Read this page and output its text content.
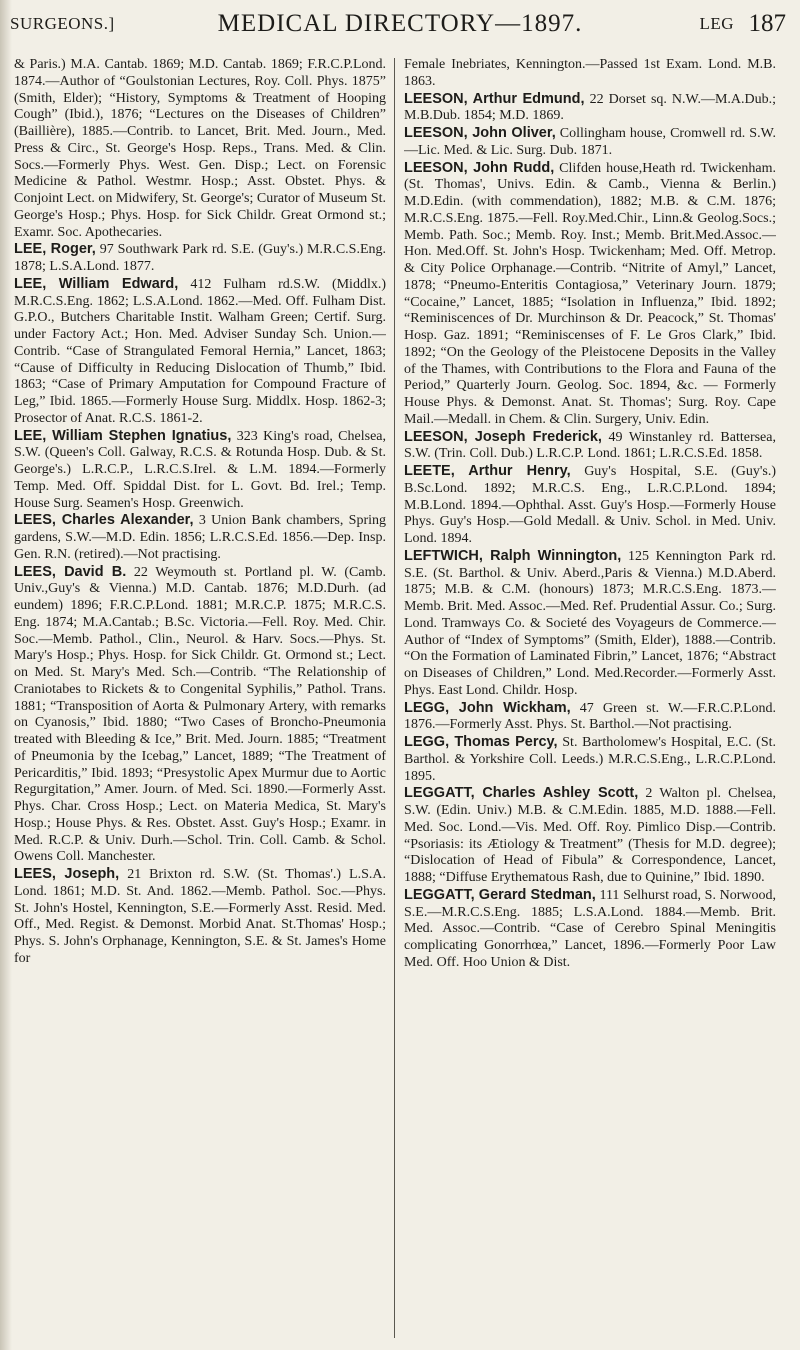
SURGEONS.]	MEDICAL DIRECTORY—1897.	LEG 187

& Paris.) M.A. Cantab. 1869; M.D. Cantab. 1869; F.R.C.P.Lond. 1874.—Author of “Goulstonian Lectures, Roy. Coll. Phys. 1875” (Smith, Elder); “History, Symptoms & Treatment of Hooping Cough” (Ibid.), 1876; “Lectures on the Diseases of Children” (Baillière), 1885.—Contrib. to Lancet, Brit. Med. Journ., Med. Press & Circ., St. George's Hosp. Reps., Trans. Med. & Clin. Socs.—Formerly Phys. West. Gen. Disp.; Lect. on Forensic Medicine & Pathol. Westmr. Hosp.; Asst. Obstet. Phys. & Conjoint Lect. on Midwifery, St. George's; Curator of Museum St. George's Hosp.; Phys. Hosp. for Sick Childr. Great Ormond st.; Examr. Soc. Apothecaries.

LEE, Roger, 97 Southwark Park rd. S.E. (Guy's.) M.R.C.S.Eng. 1878; L.S.A.Lond. 1877.

LEE, William Edward, 412 Fulham rd.S.W. (Middlx.) M.R.C.S.Eng. 1862; L.S.A.Lond. 1862.—Med. Off. Fulham Dist. G.P.O., Butchers Charitable Instit. Walham Green; Certif. Surg. under Factory Act.; Hon. Med. Adviser Sunday Sch. Union.—Contrib. “Case of Strangulated Femoral Hernia,” Lancet, 1863; “Cause of Difficulty in Reducing Dislocation of Thumb,” Ibid. 1863; “Case of Primary Amputation for Compound Fracture of Leg,” Ibid. 1865.—Formerly House Surg. Middlx. Hosp. 1862-3; Prosector of Anat. R.C.S. 1861-2.

LEE, William Stephen Ignatius, 323 King's road, Chelsea, S.W. (Queen's Coll. Galway, R.C.S. & Rotunda Hosp. Dub. & St. George's.) L.R.C.P., L.R.C.S.Irel. & L.M. 1894.—Formerly Temp. Med. Off. Spiddal Dist. for L. Govt. Bd. Irel.; Temp. House Surg. Seamen's Hosp. Greenwich.

LEES, Charles Alexander, 3 Union Bank chambers, Spring gardens, S.W.—M.D. Edin. 1856; L.R.C.S.Ed. 1856.—Dep. Insp. Gen. R.N. (retired).—Not practising.

LEES, David B. 22 Weymouth st. Portland pl. W. (Camb. Univ.,Guy's & Vienna.) M.D. Cantab. 1876; M.D.Durh. (ad eundem) 1896; F.R.C.P.Lond. 1881; M.R.C.P. 1875; M.R.C.S. Eng. 1874; M.A.Cantab.; B.Sc. Victoria.—Fell. Roy. Med. Chir. Soc.—Memb. Pathol., Clin., Neurol. & Harv. Socs.—Phys. St. Mary's Hosp.; Phys. Hosp. for Sick Childr. Gt. Ormond st.; Lect. on Med. St. Mary's Med. Sch.—Contrib. “The Relationship of Craniotabes to Rickets & to Congenital Syphilis,” Pathol. Trans. 1881; “Transposition of Aorta & Pulmonary Artery, with remarks on Cyanosis,” Ibid. 1880; “Two Cases of Broncho-Pneumonia treated with Bleeding & Ice,” Brit. Med. Journ. 1885; “Treatment of Pneumonia by the Icebag,” Lancet, 1889; “The Treatment of Pericarditis,” Ibid. 1893; “Presystolic Apex Murmur due to Aortic Regurgitation,” Amer. Journ. of Med. Sci. 1890.—Formerly Asst. Phys. Char. Cross Hosp.; Lect. on Materia Medica, St. Mary's Hosp.; House Phys. & Res. Obstet. Asst. Guy's Hosp.; Examr. in Med. R.C.P. & Univ. Durh.—Schol. Trin. Coll. Camb. & Schol. Owens Coll. Manchester.

LEES, Joseph, 21 Brixton rd. S.W. (St. Thomas'.) L.S.A. Lond. 1861; M.D. St. And. 1862.—Memb. Pathol. Soc.—Phys. St. John's Hostel, Kennington, S.E.—Formerly Asst. Resid. Med. Off., Med. Regist. & Demonst. Morbid Anat. St.Thomas' Hosp.; Phys. S. John's Orphanage, Kennington, S.E. & St. James's Home for

Female Inebriates, Kennington.—Passed 1st Exam. Lond. M.B. 1863.

LEESON, Arthur Edmund, 22 Dorset sq. N.W.—M.A.Dub.; M.B.Dub. 1854; M.D. 1869.

LEESON, John Oliver, Collingham house, Cromwell rd. S.W.—Lic. Med. & Lic. Surg. Dub. 1871.

LEESON, John Rudd, Clifden house,Heath rd. Twickenham. (St. Thomas', Univs. Edin. & Camb., Vienna & Berlin.) M.D.Edin. (with commendation), 1882; M.B. & C.M. 1876; M.R.C.S.Eng. 1875.—Fell. Roy.Med.Chir., Linn.& Geolog.Socs.; Memb. Path. Soc.; Memb. Roy. Inst.; Memb. Brit.Med.Assoc.—Hon. Med.Off. St. John's Hosp. Twickenham; Med. Off. Metrop. & City Police Orphanage.—Contrib. “Nitrite of Amyl,” Lancet, 1878; “Pneumo-Enteritis Contagiosa,” Veterinary Journ. 1879; “Cocaine,” Lancet, 1885; “Isolation in Influenza,” Ibid. 1892; “Reminiscences of Dr. Murchinson & Dr. Peacock,” St. Thomas' Hosp. Gaz. 1891; “Reminiscenses of F. Le Gros Clark,” Ibid. 1892; “On the Geology of the Pleistocene Deposits in the Valley of the Thames, with Contributions to the Flora and Fauna of the Period,” Quarterly Journ. Geolog. Soc. 1894, &c. — Formerly House Phys. & Demonst. Anat. St. Thomas'; Surg. Roy. Cape Mail.—Medall. in Chem. & Clin. Surgery, Univ. Edin.

LEESON, Joseph Frederick, 49 Winstanley rd. Battersea, S.W. (Trin. Coll. Dub.) L.R.C.P. Lond. 1861; L.R.C.S.Ed. 1858.

LEETE, Arthur Henry, Guy's Hospital, S.E. (Guy's.) B.Sc.Lond. 1892; M.R.C.S. Eng., L.R.C.P.Lond. 1894; M.B.Lond. 1894.—Ophthal. Asst. Guy's Hosp.—Formerly House Phys. Guy's Hosp.—Gold Medall. & Univ. Schol. in Med. Univ. Lond. 1894.

LEFTWICH, Ralph Winnington, 125 Kennington Park rd. S.E. (St. Barthol. & Univ. Aberd.,Paris & Vienna.) M.D.Aberd. 1875; M.B. & C.M. (honours) 1873; M.R.C.S.Eng. 1873.—Memb. Brit. Med. Assoc.—Med. Ref. Prudential Assur. Co.; Surg. Lond. Tramways Co. & Societé des Voyageurs de Commerce.—Author of “Index of Symptoms” (Smith, Elder), 1888.—Contrib. “On the Formation of Laminated Fibrin,” Lancet, 1876; “Abstract on Diseases of Children,” Lond. Med.Recorder.—Formerly Asst. Phys. East Lond. Childr. Hosp.

LEGG, John Wickham, 47 Green st. W.—F.R.C.P.Lond. 1876.—Formerly Asst. Phys. St. Barthol.—Not practising.

LEGG, Thomas Percy, St. Bartholomew's Hospital, E.C. (St. Barthol. & Yorkshire Coll. Leeds.) M.R.C.S.Eng., L.R.C.P.Lond. 1895.

LEGGATT, Charles Ashley Scott, 2 Walton pl. Chelsea, S.W. (Edin. Univ.) M.B. & C.M.Edin. 1885, M.D. 1888.—Fell. Med. Soc. Lond.—Vis. Med. Off. Roy. Pimlico Disp.—Contrib. “Psoriasis: its Ætiology & Treatment” (Thesis for M.D. degree); “Dislocation of Head of Fibula” & Correspondence, Lancet, 1888; “Diffuse Erythematous Rash, due to Quinine,” Ibid. 1890.

LEGGATT, Gerard Stedman, 111 Selhurst road, S. Norwood, S.E.—M.R.C.S.Eng. 1885; L.S.A.Lond. 1884.—Memb. Brit. Med. Assoc.—Contrib. “Case of Cerebro Spinal Meningitis complicating Gonorrhœa,” Lancet, 1896.—Formerly Poor Law Med. Off. Hoo Union & Dist.
